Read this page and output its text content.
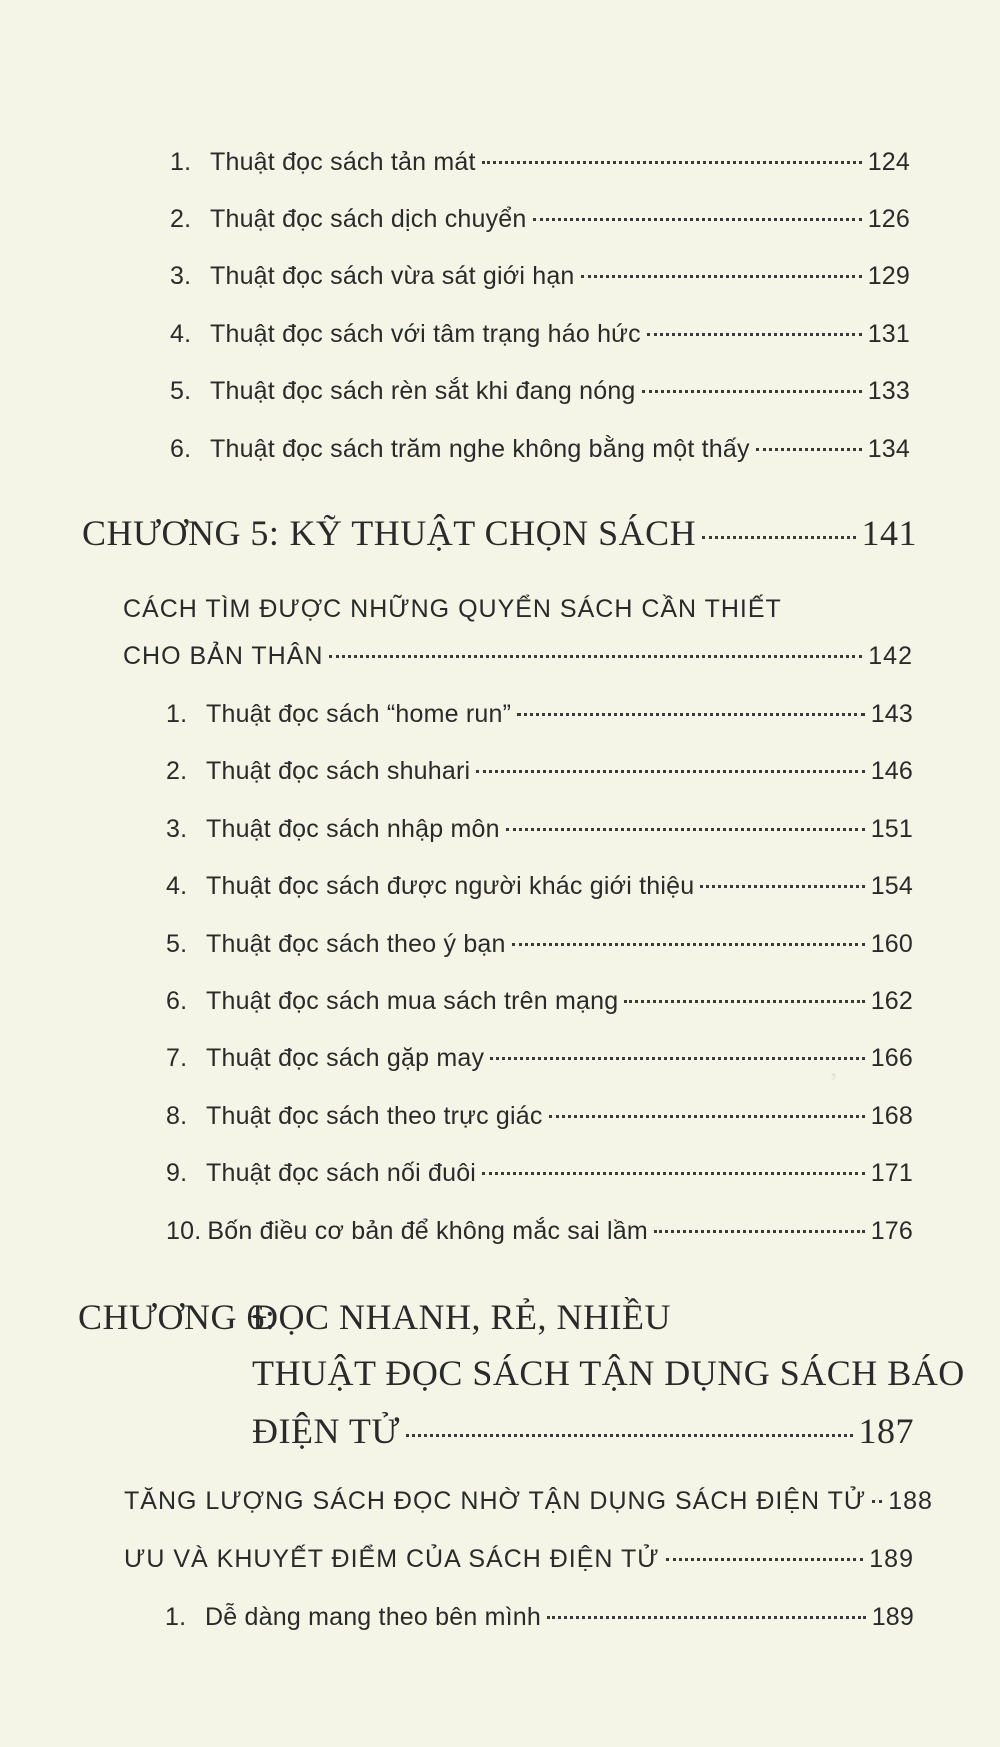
,
1. Thuật đọc sách tản mát	124
2. Thuật đọc sách dịch chuyển	126
3. Thuật đọc sách vừa sát giới hạn	129
4. Thuật đọc sách với tâm trạng háo hức	131
5. Thuật đọc sách rèn sắt khi đang nóng	133
6. Thuật đọc sách trăm nghe không bằng một thấy	134
CHƯƠNG 5: KỸ THUẬT CHỌN SÁCH	141
CÁCH TÌM ĐƯỢC NHỮNG QUYỂN SÁCH CẦN THIẾT
CHO BẢN THÂN	142
1. Thuật đọc sách “home run”	143
2. Thuật đọc sách shuhari	146
3. Thuật đọc sách nhập môn	151
4. Thuật đọc sách được người khác giới thiệu	154
5. Thuật đọc sách theo ý bạn	160
6. Thuật đọc sách mua sách trên mạng	162
7. Thuật đọc sách gặp may	166
8. Thuật đọc sách theo trực giác	168
9. Thuật đọc sách nối đuôi	171
10. Bốn điều cơ bản để không mắc sai lầm	176
CHƯƠNG 6:
ĐỌC NHANH, RẺ, NHIỀU
THUẬT ĐỌC SÁCH TẬN DỤNG SÁCH BÁO
ĐIỆN TỬ	187
TĂNG LƯỢNG SÁCH ĐỌC NHỜ TẬN DỤNG SÁCH ĐIỆN TỬ 188
ƯU VÀ KHUYẾT ĐIỂM CỦA SÁCH ĐIỆN TỬ	189
1. Dễ dàng mang theo bên mình	189
